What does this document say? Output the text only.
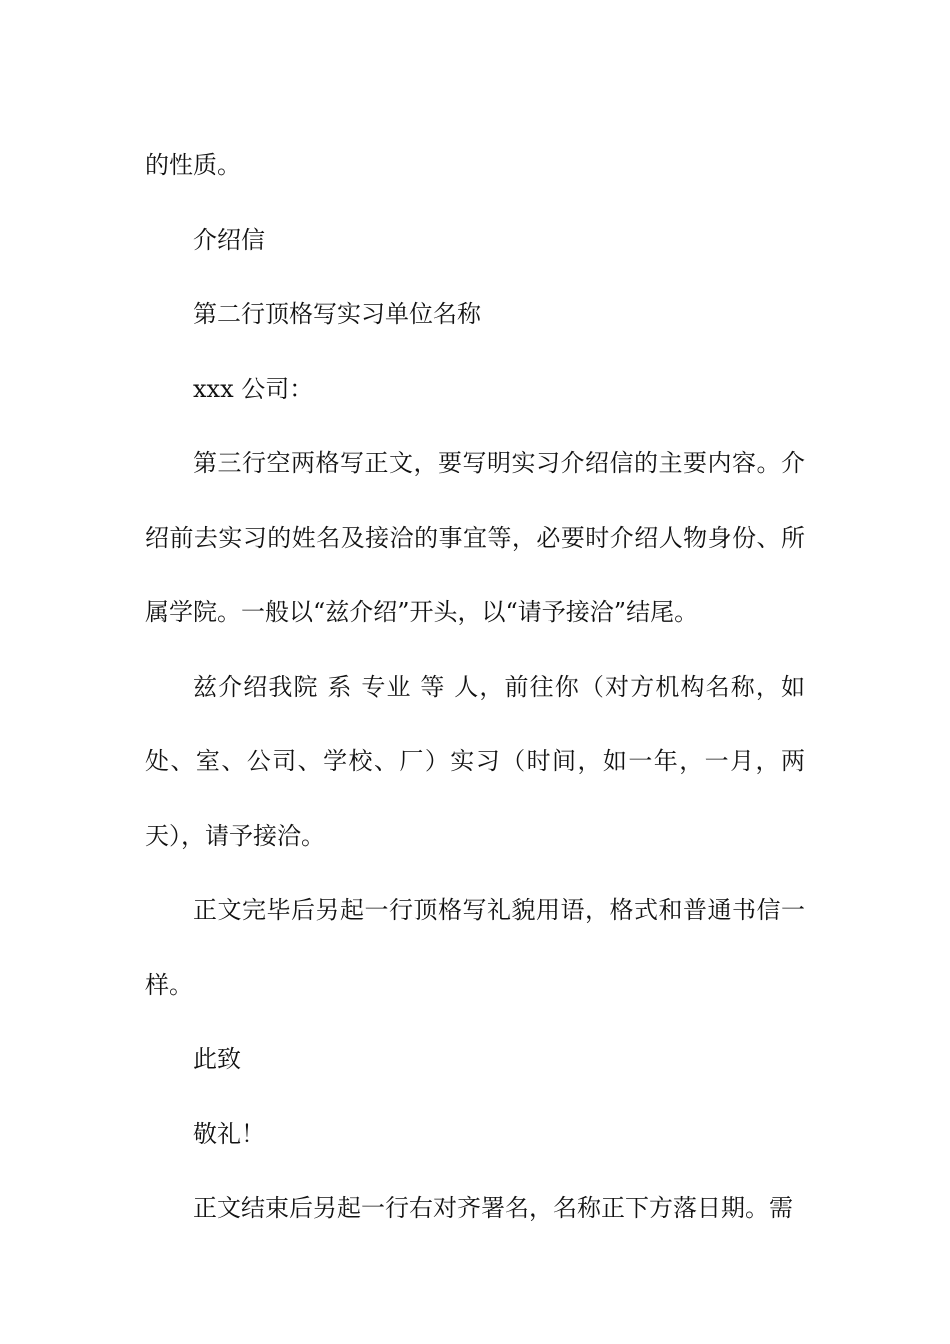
的性质。

介绍信

第二行顶格写实习单位名称

xxx 公司：

第三行空两格写正文，要写明实习介绍信的主要内容。介绍前去实习的姓名及接洽的事宜等，必要时介绍人物身份、所属学院。一般以“兹介绍”开头，以“请予接洽”结尾。

兹介绍我院 系 专业 等 人，前往你（对方机构名称，如处、室、公司、学校、厂）实习（时间，如一年，一月，两天），请予接洽。

正文完毕后另起一行顶格写礼貌用语，格式和普通书信一样。

此致

敬礼！

正文结束后另起一行右对齐署名，名称正下方落日期。需
